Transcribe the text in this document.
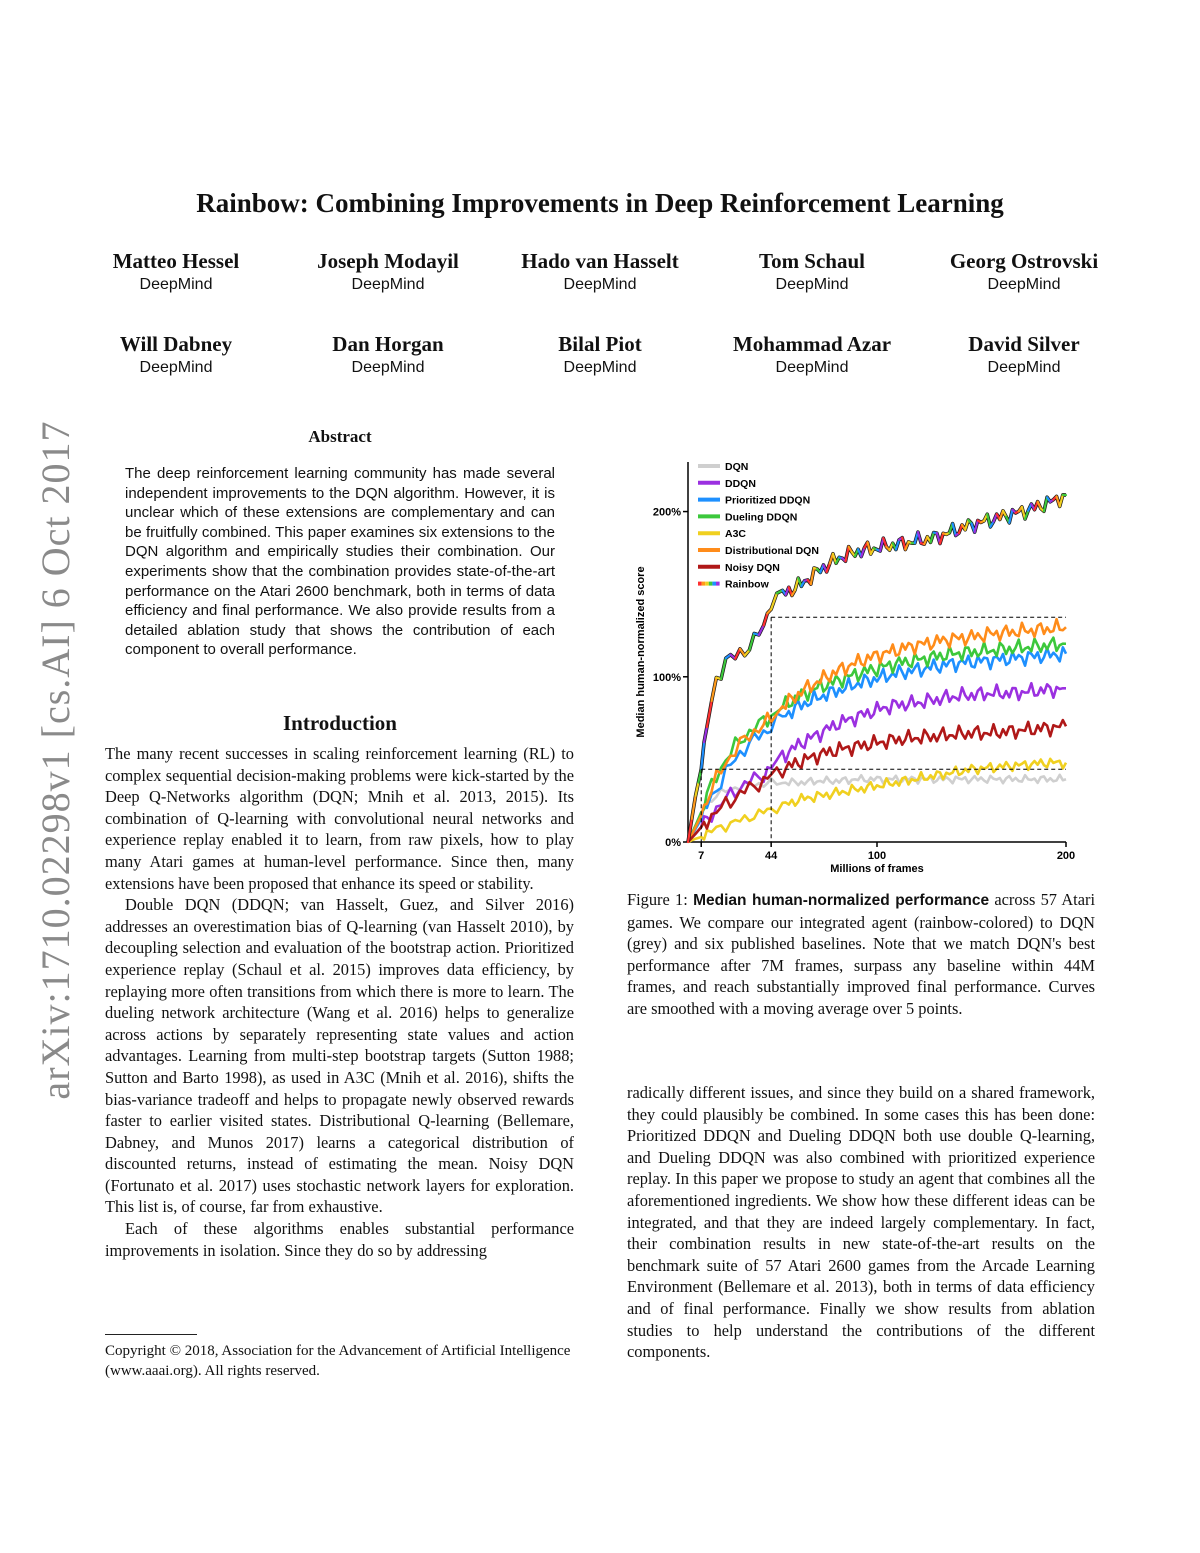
arXiv:1710.02298v1 [cs.AI] 6 Oct 2017
Rainbow: Combining Improvements in Deep Reinforcement Learning
Matteo Hessel
DeepMind
Joseph Modayil
DeepMind
Hado van Hasselt
DeepMind
Tom Schaul
DeepMind
Georg Ostrovski
DeepMind
Will Dabney
DeepMind
Dan Horgan
DeepMind
Bilal Piot
DeepMind
Mohammad Azar
DeepMind
David Silver
DeepMind
Abstract
The deep reinforcement learning community has made several independent improvements to the DQN algorithm. However, it is unclear which of these extensions are complementary and can be fruitfully combined. This paper examines six extensions to the DQN algorithm and empirically studies their combination. Our experiments show that the combination provides state-of-the-art performance on the Atari 2600 benchmark, both in terms of data efficiency and final performance. We also provide results from a detailed ablation study that shows the contribution of each component to overall performance.
Introduction

The many recent successes in scaling reinforcement learning (RL) to complex sequential decision-making problems were kick-started by the Deep Q-Networks algorithm (DQN; Mnih et al. 2013, 2015). Its combination of Q-learning with convolutional neural networks and experience replay enabled it to learn, from raw pixels, how to play many Atari games at human-level performance. Since then, many extensions have been proposed that enhance its speed or stability.

Double DQN (DDQN; van Hasselt, Guez, and Silver 2016) addresses an overestimation bias of Q-learning (van Hasselt 2010), by decoupling selection and evaluation of the bootstrap action. Prioritized experience replay (Schaul et al. 2015) improves data efficiency, by replaying more often transitions from which there is more to learn. The dueling network architecture (Wang et al. 2016) helps to generalize across actions by separately representing state values and action advantages. Learning from multi-step bootstrap targets (Sutton 1988; Sutton and Barto 1998), as used in A3C (Mnih et al. 2016), shifts the bias-variance tradeoff and helps to propagate newly observed rewards faster to earlier visited states. Distributional Q-learning (Bellemare, Dabney, and Munos 2017) learns a categorical distribution of discounted returns, instead of estimating the mean. Noisy DQN (Fortunato et al. 2017) uses stochastic network layers for exploration. This list is, of course, far from exhaustive.

Each of these algorithms enables substantial performance improvements in isolation. Since they do so by addressing

Copyright © 2018, Association for the Advancement of Artificial Intelligence (www.aaai.org). All rights reserved.
0%
100%
200%
7	44	100	200
Millions of frames
Median human-normalized score
DQN
DDQN
Prioritized DDQN
Dueling DDQN
A3C
Distributional DQN
Noisy DQN
Rainbow
Figure 1: Median human-normalized performance across 57 Atari games. We compare our integrated agent (rainbow-colored) to DQN (grey) and six published baselines. Note that we match DQN's best performance after 7M frames, surpass any baseline within 44M frames, and reach substantially improved final performance. Curves are smoothed with a moving average over 5 points.

radically different issues, and since they build on a shared framework, they could plausibly be combined. In some cases this has been done: Prioritized DDQN and Dueling DDQN both use double Q-learning, and Dueling DDQN was also combined with prioritized experience replay. In this paper we propose to study an agent that combines all the aforementioned ingredients. We show how these different ideas can be integrated, and that they are indeed largely complementary. In fact, their combination results in new state-of-the-art results on the benchmark suite of 57 Atari 2600 games from the Arcade Learning Environment (Bellemare et al. 2013), both in terms of data efficiency and of final performance. Finally we show results from ablation studies to help understand the contributions of the different components.
